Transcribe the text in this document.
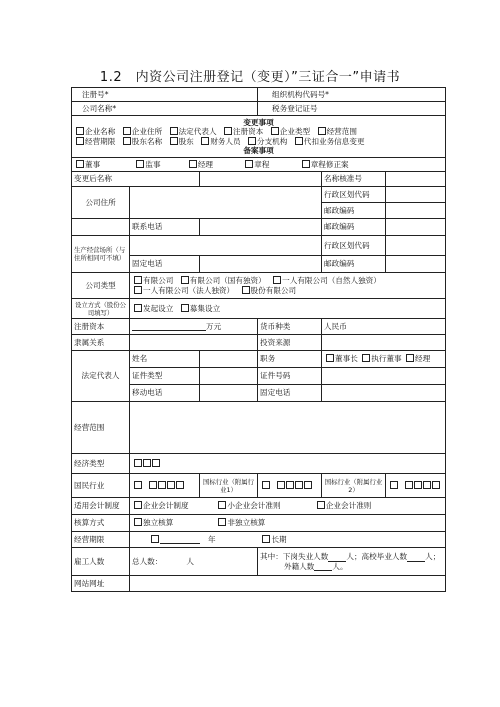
1.2　内资公司注册登记（变更）”三证合一”申请书
注册号*			组织机构代码号*		
公司名称*			税务登记证号		

变更事项
企业名称 企业住所 法定代表人 注册资本 企业类型 经营范围
经营期限 股东名称 股东 财务人员 分支机构 代扣业务信息变更
备案事项					

董事 监事 经理 章程 章程修正案					
变更后名称				名称核准号	
公司住所				行政区划代码	
				邮政编码	
	联系电话			邮政编码	
生产经营场所（与住所相同可不填）				行政区划代码	
	固定电话			邮政编码	
公司类型	有限公司 有限公司（国有独资） 一人有限公司（自然人独资）
一人有限公司（法人独资） 股份有限公司				

设立方式（股份公司填写）	发起设立 募集设立				
注册资本	万元		货币种类	人民币	
隶属关系			投资来源		
法定代表人	姓名		职务	董事长 执行董事 经理	
	证件类型		证件号码		
	移动电话		固定电话		
经营范围					
经济类型					
国民行业		国标行业（附属行业1）		国标行业（附属行业2）	
适用会计制度	企业会计制度 小企业会计准则 企业会计准则				
核算方式	独立核算 非独立核算				
经营期限	　年 长期				
雇工人数	总人数： 人		其中：下岗失业人数 人；高校毕业人数 人；
外籍人数 人。		

网站网址					
